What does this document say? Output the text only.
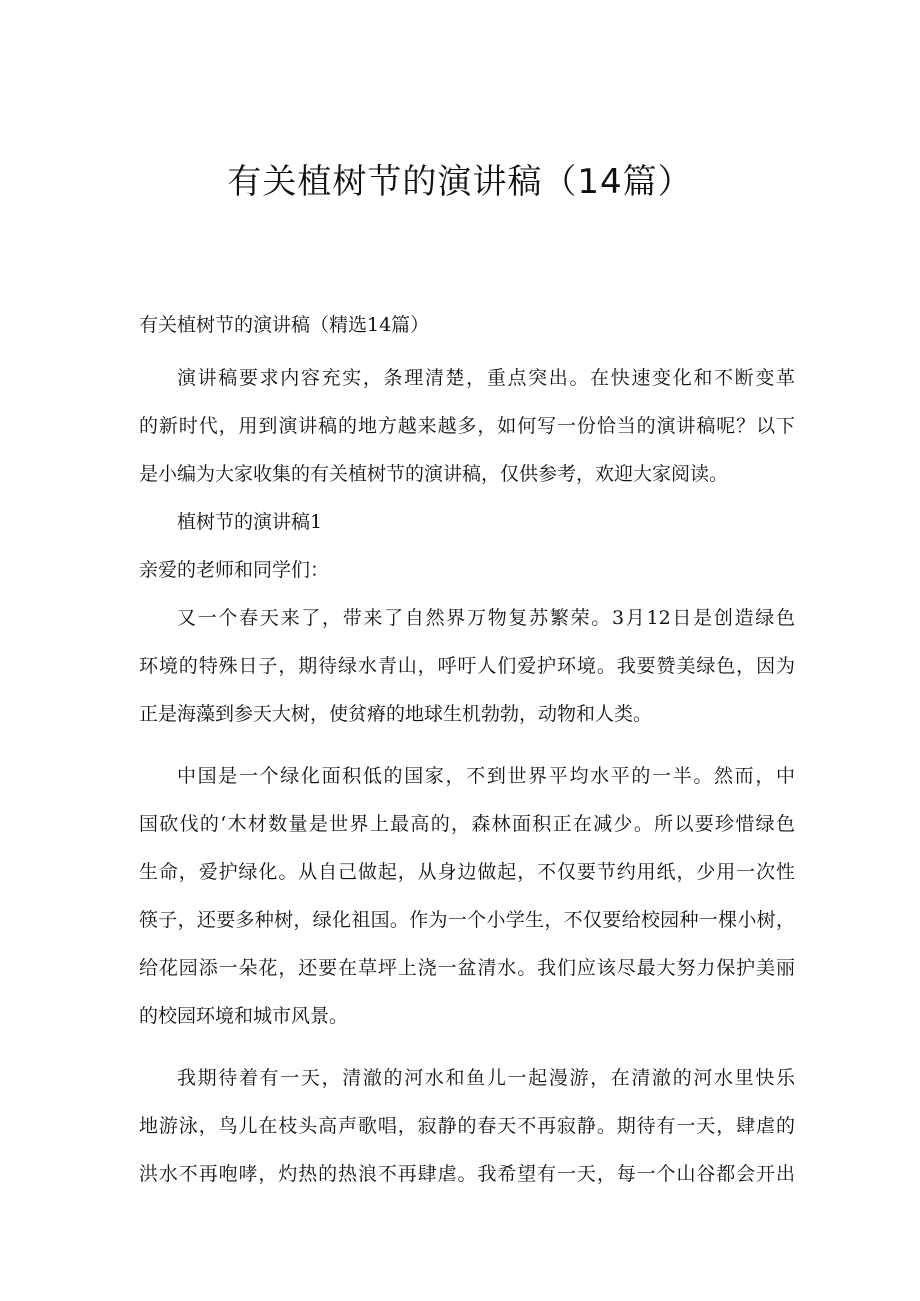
有关植树节的演讲稿（14篇）

有关植树节的演讲稿（精选14篇）

演讲稿要求内容充实，条理清楚，重点突出。在快速变化和不断变革

的新时代，用到演讲稿的地方越来越多，如何写一份恰当的演讲稿呢？以下

是小编为大家收集的有关植树节的演讲稿，仅供参考，欢迎大家阅读。

植树节的演讲稿1

亲爱的老师和同学们：

又一个春天来了，带来了自然界万物复苏繁荣。3月12日是创造绿色

环境的特殊日子，期待绿水青山，呼吁人们爱护环境。我要赞美绿色，因为

正是海藻到参天大树，使贫瘠的地球生机勃勃，动物和人类。

中国是一个绿化面积低的国家，不到世界平均水平的一半。然而，中

国砍伐的‘木材数量是世界上最高的，森林面积正在减少。所以要珍惜绿色

生命，爱护绿化。从自己做起，从身边做起，不仅要节约用纸，少用一次性

筷子，还要多种树，绿化祖国。作为一个小学生，不仅要给校园种一棵小树，

给花园添一朵花，还要在草坪上浇一盆清水。我们应该尽最大努力保护美丽

的校园环境和城市风景。

我期待着有一天，清澈的河水和鱼儿一起漫游，在清澈的河水里快乐

地游泳，鸟儿在枝头高声歌唱，寂静的春天不再寂静。期待有一天，肆虐的

洪水不再咆哮，灼热的热浪不再肆虐。我希望有一天，每一个山谷都会开出
